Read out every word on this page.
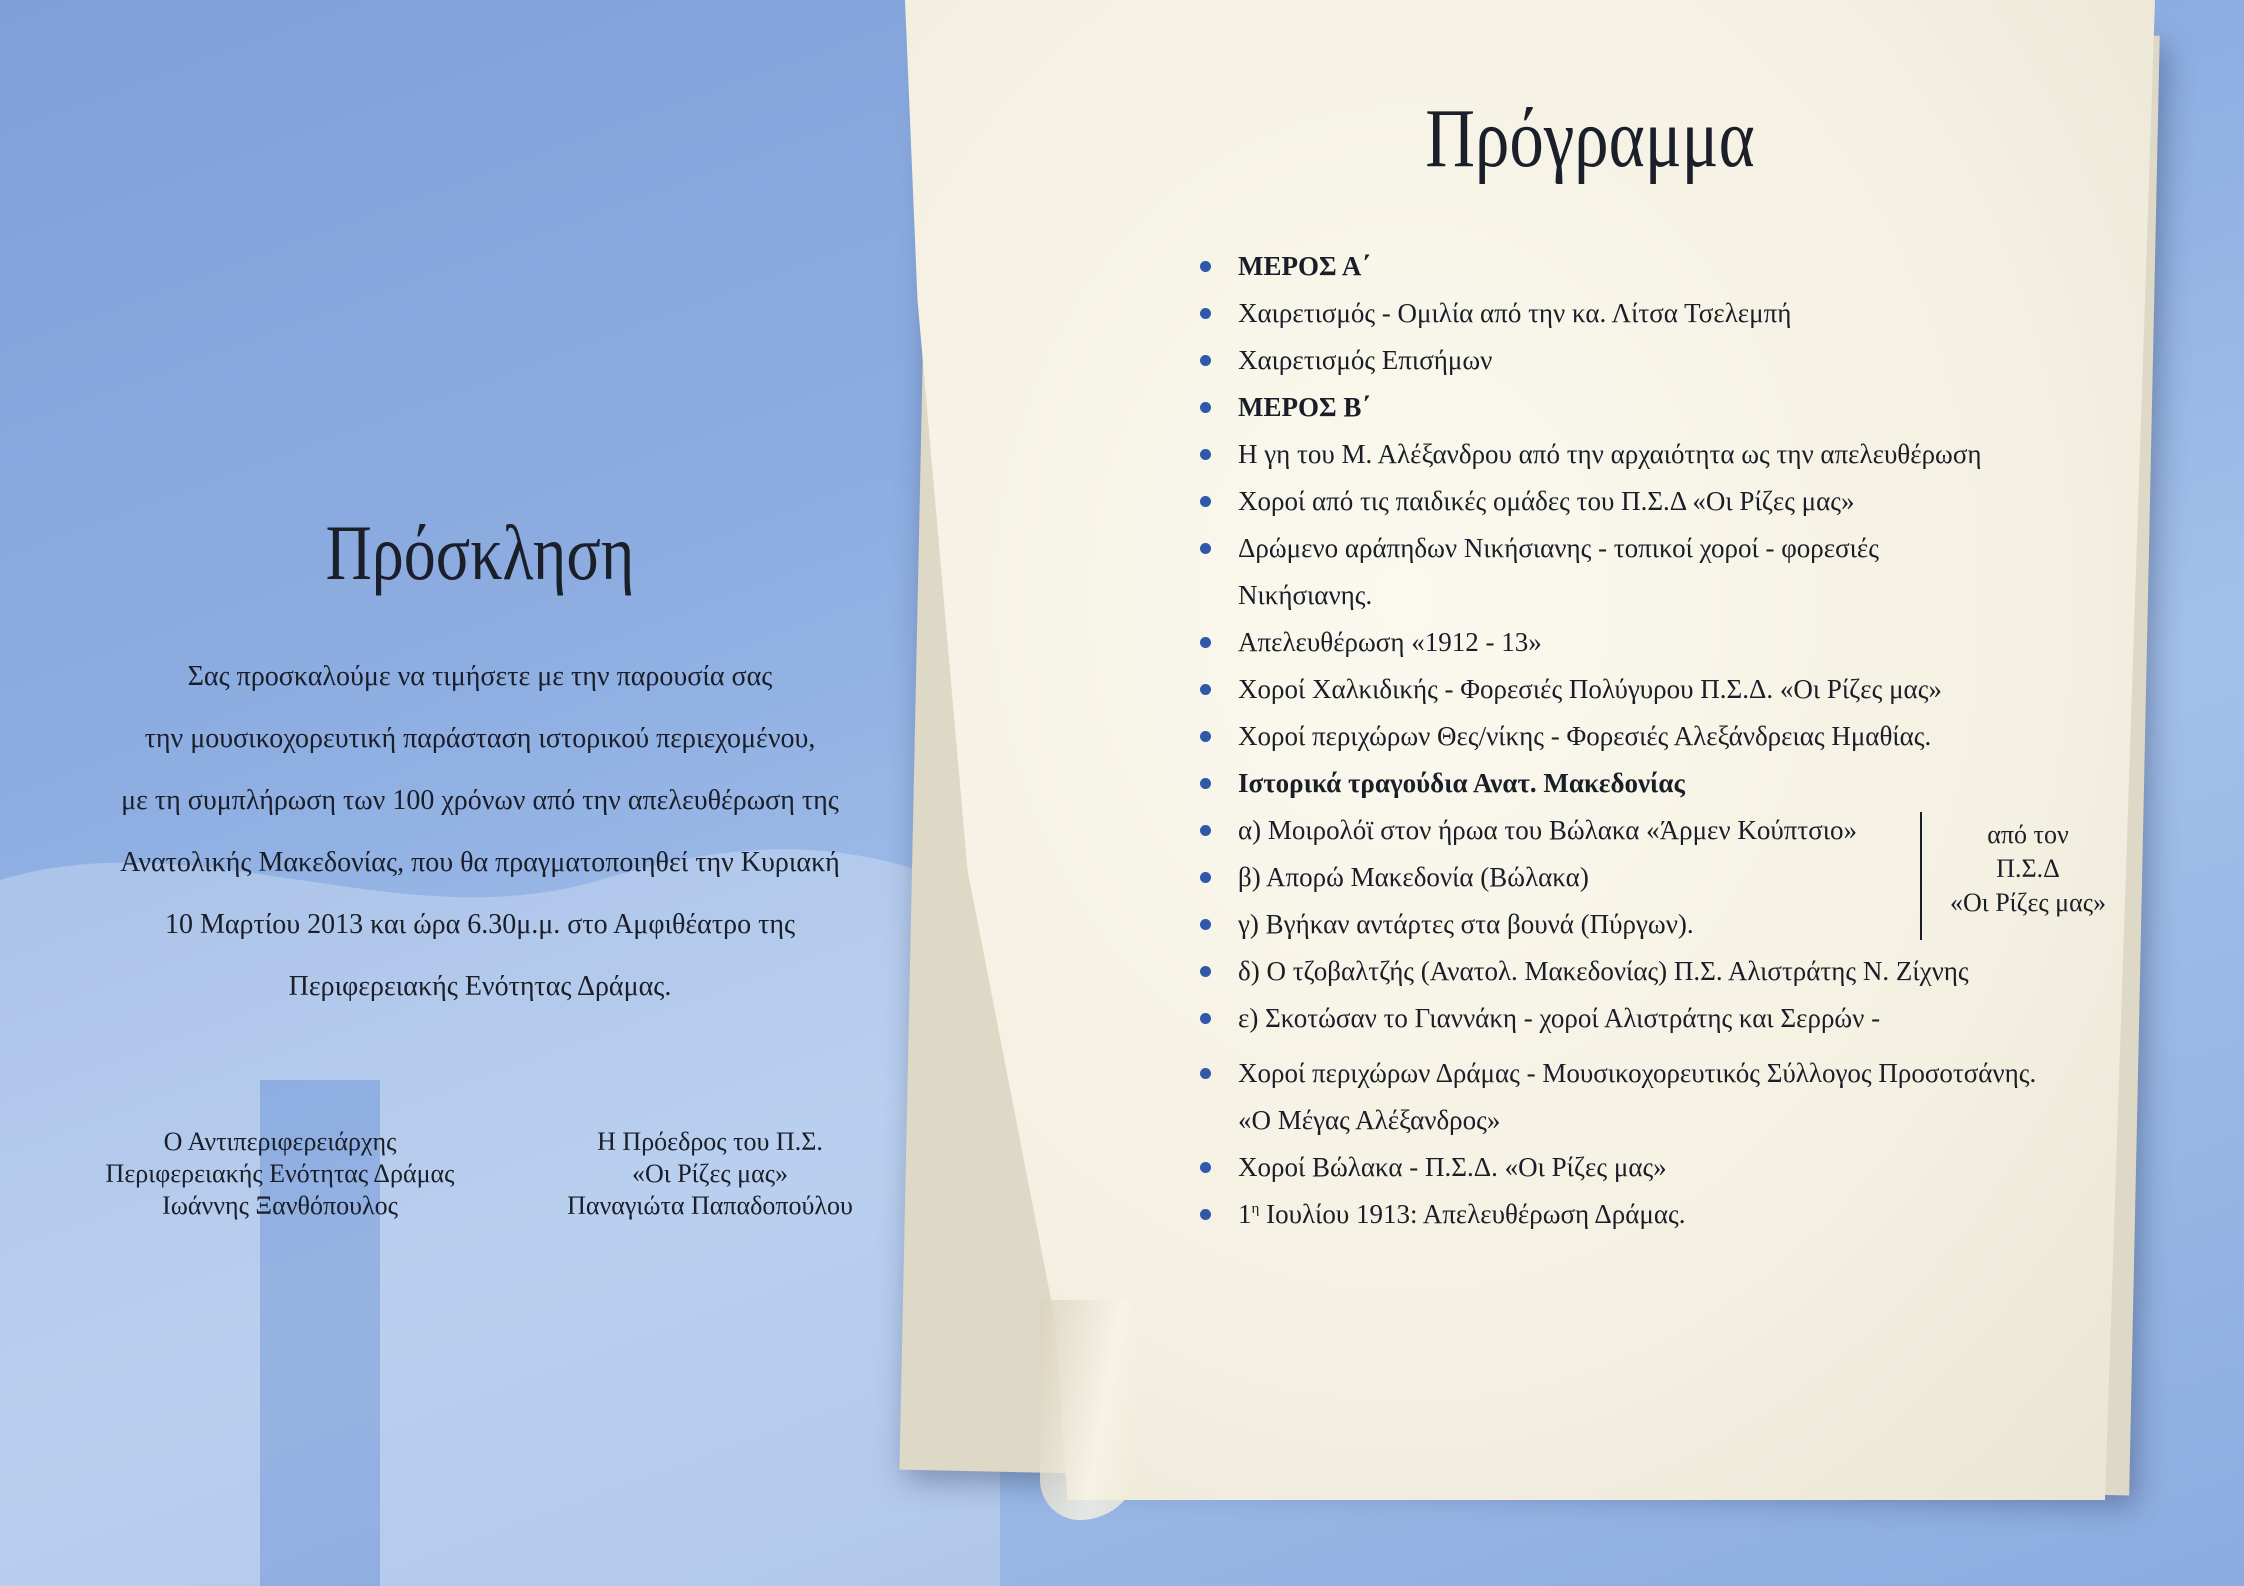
Πρόσκληση
Σας προσκαλούμε να τιμήσετε με την παρουσία σας
την μουσικοχορευτική παράσταση ιστορικού περιεχομένου,
με τη συμπλήρωση των 100 χρόνων από την απελευθέρωση της
Ανατολικής Μακεδονίας, που θα πραγματοποιηθεί την Κυριακή
10 Μαρτίου 2013 και ώρα 6.30μ.μ. στο Αμφιθέατρο της
Περιφερειακής Ενότητας Δράμας.
Ο Αντιπεριφερειάρχης
Περιφερειακής Ενότητας Δράμας
Ιωάννης Ξανθόπουλος
Η Πρόεδρος του Π.Σ.
«Οι Ρίζες μας»
Παναγιώτα Παπαδοπούλου
Πρόγραμμα
ΜΕΡΟΣ Α΄
Χαιρετισμός - Ομιλία από την κα. Λίτσα Τσελεμπή
Χαιρετισμός Επισήμων
ΜΕΡΟΣ Β΄
Η γη του Μ. Αλέξανδρου από την αρχαιότητα ως την απελευθέρωση
Χοροί από τις παιδικές ομάδες του Π.Σ.Δ «Οι Ρίζες μας»
Δρώμενο αράπηδων Νικήσιανης - τοπικοί χοροί - φορεσιές
Νικήσιανης.
Απελευθέρωση «1912 - 13»
Χοροί Χαλκιδικής - Φορεσιές Πολύγυρου Π.Σ.Δ. «Οι Ρίζες μας»
Χοροί περιχώρων Θες/νίκης - Φορεσιές Αλεξάνδρειας Ημαθίας.
Ιστορικά τραγούδια Ανατ. Μακεδονίας
α) Μοιρολόϊ στον ήρωα του Βώλακα «Άρμεν Κούπτσιο»
β) Απορώ Μακεδονία (Βώλακα)
γ) Βγήκαν αντάρτες στα βουνά (Πύργων).
δ) Ο τζοβαλτζής (Ανατολ. Μακεδονίας) Π.Σ. Αλιστράτης Ν. Ζίχνης
ε) Σκοτώσαν το Γιαννάκη - χοροί Αλιστράτης και Σερρών -
Χοροί περιχώρων Δράμας - Μουσικοχορευτικός Σύλλογος Προσοτσάνης.
«Ο Μέγας Αλέξανδρος»
Χοροί Βώλακα - Π.Σ.Δ. «Οι Ρίζες μας»
$1^\eta$ Ιουλίου 1913: Απελευθέρωση Δράμας.
από τον
Π.Σ.Δ
«Οι Ρίζες μας»
